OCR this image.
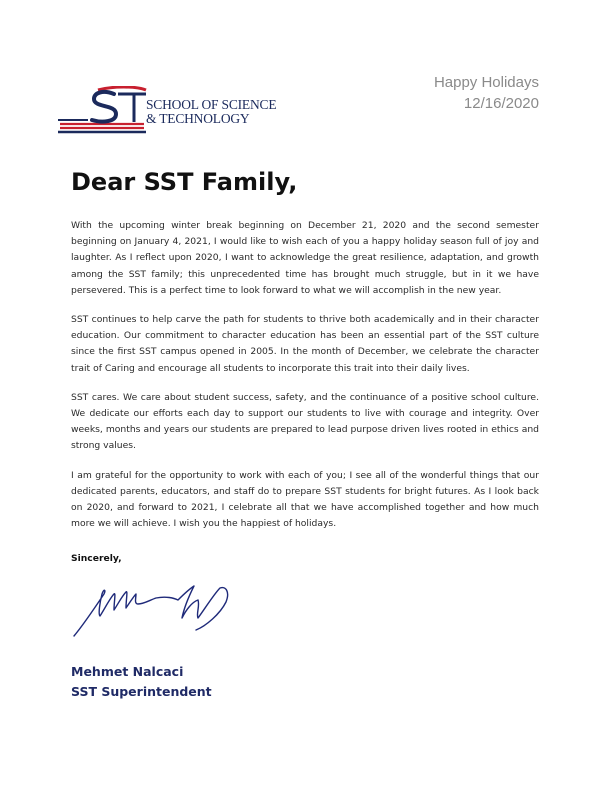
SCHOOL OF SCIENCE
& TECHNOLOGY
Happy Holidays
12/16/2020
Dear SST Family,

With the upcoming winter break beginning on December 21, 2020 and the second semester beginning on January 4, 2021, I would like to wish each of you a happy holiday season full of joy and laughter. As I reflect upon 2020, I want to acknowledge the great resilience, adaptation, and growth among the SST family; this unprecedented time has brought much struggle, but in it we have persevered. This is a perfect time to look forward to what we will accomplish in the new year.

SST continues to help carve the path for students to thrive both academically and in their character education. Our commitment to character education has been an essential part of the SST culture since the first SST campus opened in 2005. In the month of December, we celebrate the character trait of Caring and encourage all students to incorporate this trait into their daily lives.

SST cares. We care about student success, safety, and the continuance of a positive school culture. We dedicate our efforts each day to support our students to live with courage and integrity. Over weeks, months and years our students are prepared to lead purpose driven lives rooted in ethics and strong values.

I am grateful for the opportunity to work with each of you; I see all of the wonderful things that our dedicated parents, educators, and staff do to prepare SST students for bright futures. As I look back on 2020, and forward to 2021, I celebrate all that we have accomplished together and how much more we will achieve. I wish you the happiest of holidays.

Sincerely,
Mehmet Nalcaci
SST Superintendent
